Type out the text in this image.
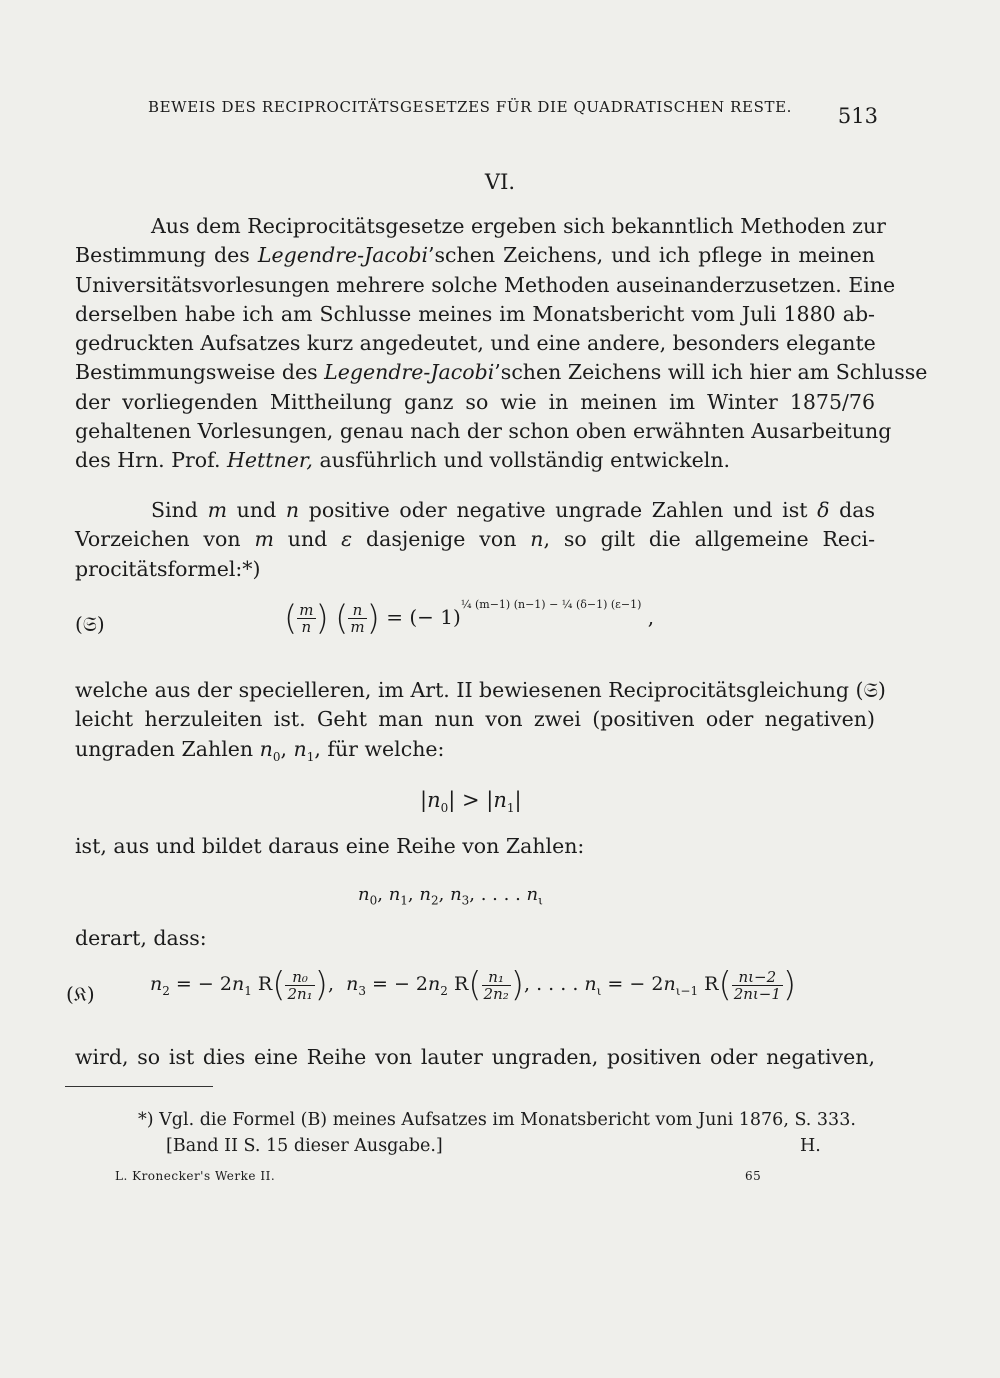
BEWEIS DES RECIPROCITÄTSGESETZES FÜR DIE QUADRATISCHEN RESTE. 513
VI.
Aus dem Reciprocitätsgesetze ergeben sich bekanntlich Methoden zur
Bestimmung des Legendre-Jacobi’schen Zeichens, und ich pflege in meinen
Universitätsvorlesungen mehrere solche Methoden auseinanderzusetzen. Eine
derselben habe ich am Schlusse meines im Monatsbericht vom Juli 1880 ab-
gedruckten Aufsatzes kurz angedeutet, und eine andere, besonders elegante
Bestimmungsweise des Legendre-Jacobi’schen Zeichens will ich hier am Schlusse
der vorliegenden Mittheilung ganz so wie in meinen im Winter 1875/76
gehaltenen Vorlesungen, genau nach der schon oben erwähnten Ausarbeitung
des Hrn. Prof. Hettner, ausführlich und vollständig entwickeln.
Sind m und n positive oder negative ungrade Zahlen und ist δ das
Vorzeichen von m und ε dasjenige von n, so gilt die allgemeine Reci-
procitätsformel:*)
(𝔖)	( $\frac{m}{n}$ ) ( $\frac{n}{m}$ ) = (− 1)$^{\frac{1}{4} (m-1) (n-1) - \frac{1}{4} (\delta-1) (\varepsilon-1)}$ ,
welche aus der specielleren, im Art. II bewiesenen Reciprocitätsgleichung (𝔖)
leicht herzuleiten ist. Geht man nun von zwei (positiven oder negativen)
ungraden Zahlen $n_0$, $n_1$, für welche:
$|n_0| > |n_1|$
ist, aus und bildet daraus eine Reihe von Zahlen:
$n_0$, $n_1$, $n_2$, $n_3$, . . . . $n_\iota$
derart, dass:
(𝔎)	$n_2$ = − $2n_1$ $R( \frac{\text{n₀}}{\text{2n₁}}$ ), $n_3$ = − $2n_2$ $R( \frac{\text{n₁}}{\text{2n₂}}$ ), . . . . $n_\iota$ = − $2n_{\iota-1}$ $R( \frac{n\iota-2}{2n\iota-1}$ )
wird, so ist dies eine Reihe von lauter ungraden, positiven oder negativen,
*) Vgl. die Formel (B) meines Aufsatzes im Monatsbericht vom Juni 1876, S. 333.
[Band II S. 15 dieser Ausgabe.]	H.
L. Kronecker's Werke II.	65
